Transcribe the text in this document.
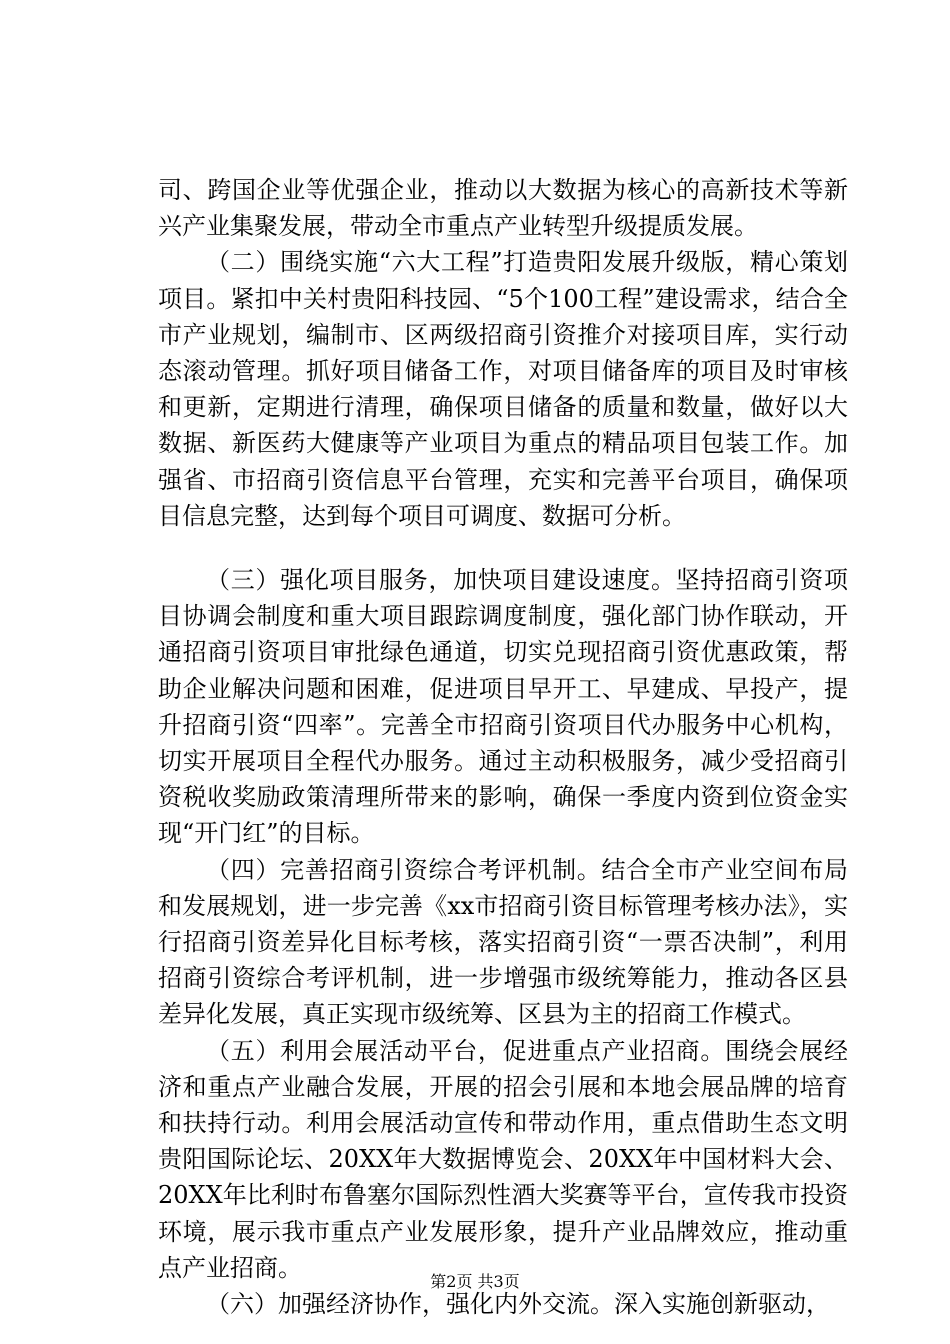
司、跨国企业等优强企业，推动以大数据为核心的高新技术等新兴产业集聚发展，带动全市重点产业转型升级提质发展。

（二）围绕实施“六大工程”打造贵阳发展升级版，精心策划项目。紧扣中关村贵阳科技园、“5个100工程”建设需求，结合全市产业规划，编制市、区两级招商引资推介对接项目库，实行动态滚动管理。抓好项目储备工作，对项目储备库的项目及时审核和更新，定期进行清理，确保项目储备的质量和数量，做好以大数据、新医药大健康等产业项目为重点的精品项目包装工作。加强省、市招商引资信息平台管理，充实和完善平台项目，确保项目信息完整，达到每个项目可调度、数据可分析。

（三）强化项目服务，加快项目建设速度。坚持招商引资项目协调会制度和重大项目跟踪调度制度，强化部门协作联动，开通招商引资项目审批绿色通道，切实兑现招商引资优惠政策，帮助企业解决问题和困难，促进项目早开工、早建成、早投产，提升招商引资“四率”。完善全市招商引资项目代办服务中心机构，切实开展项目全程代办服务。通过主动积极服务，减少受招商引资税收奖励政策清理所带来的影响，确保一季度内资到位资金实现“开门红”的目标。

（四）完善招商引资综合考评机制。结合全市产业空间布局和发展规划，进一步完善《xx市招商引资目标管理考核办法》，实行招商引资差异化目标考核，落实招商引资“一票否决制”，利用招商引资综合考评机制，进一步增强市级统筹能力，推动各区县差异化发展，真正实现市级统筹、区县为主的招商工作模式。

（五）利用会展活动平台，促进重点产业招商。围绕会展经济和重点产业融合发展，开展的招会引展和本地会展品牌的培育和扶持行动。利用会展活动宣传和带动作用，重点借助生态文明贵阳国际论坛、20XX年大数据博览会、20XX年中国材料大会、20XX年比利时布鲁塞尔国际烈性酒大奖赛等平台，宣传我市投资环境，展示我市重点产业发展形象，提升产业品牌效应，推动重点产业招商。

（六）加强经济协作，强化内外交流。深入实施创新驱动，

第2页 共3页
